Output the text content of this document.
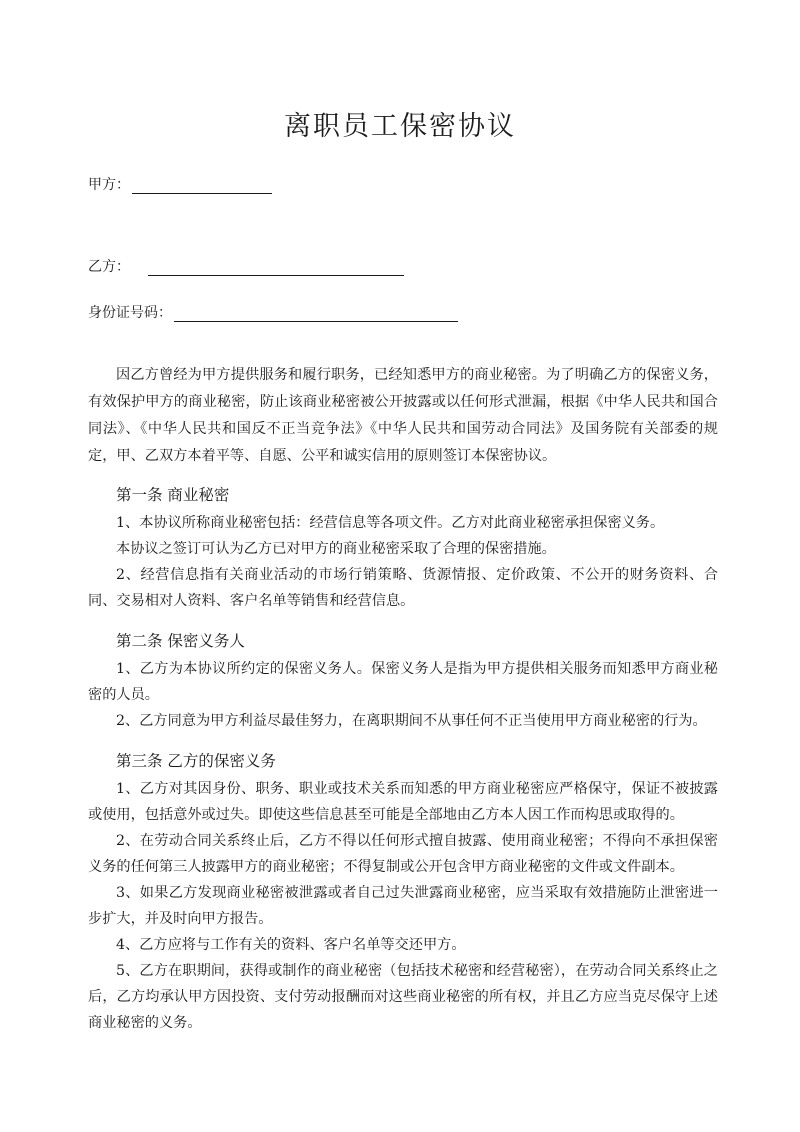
离职员工保密协议
甲方：
乙方：
身份证号码：

因乙方曾经为甲方提供服务和履行职务，已经知悉甲方的商业秘密。为了明确乙方的保密义务，有效保护甲方的商业秘密，防止该商业秘密被公开披露或以任何形式泄漏，根据《中华人民共和国合同法》、《中华人民共和国反不正当竞争法》《中华人民共和国劳动合同法》及国务院有关部委的规定，甲、乙双方本着平等、自愿、公平和诚实信用的原则签订本保密协议。

第一条 商业秘密

1、本协议所称商业秘密包括：经营信息等各项文件。乙方对此商业秘密承担保密义务。

本协议之签订可认为乙方已对甲方的商业秘密采取了合理的保密措施。

2、经营信息指有关商业活动的市场行销策略、货源情报、定价政策、不公开的财务资料、合同、交易相对人资料、客户名单等销售和经营信息。

第二条 保密义务人

1、乙方为本协议所约定的保密义务人。保密义务人是指为甲方提供相关服务而知悉甲方商业秘密的人员。

2、乙方同意为甲方利益尽最佳努力，在离职期间不从事任何不正当使用甲方商业秘密的行为。

第三条 乙方的保密义务

1、乙方对其因身份、职务、职业或技术关系而知悉的甲方商业秘密应严格保守，保证不被披露或使用，包括意外或过失。即使这些信息甚至可能是全部地由乙方本人因工作而构思或取得的。

2、在劳动合同关系终止后，乙方不得以任何形式擅自披露、使用商业秘密；不得向不承担保密义务的任何第三人披露甲方的商业秘密；不得复制或公开包含甲方商业秘密的文件或文件副本。

3、如果乙方发现商业秘密被泄露或者自己过失泄露商业秘密，应当采取有效措施防止泄密进一步扩大，并及时向甲方报告。

4、乙方应将与工作有关的资料、客户名单等交还甲方。

5、乙方在职期间，获得或制作的商业秘密（包括技术秘密和经营秘密），在劳动合同关系终止之后，乙方均承认甲方因投资、支付劳动报酬而对这些商业秘密的所有权，并且乙方应当克尽保守上述商业秘密的义务。
